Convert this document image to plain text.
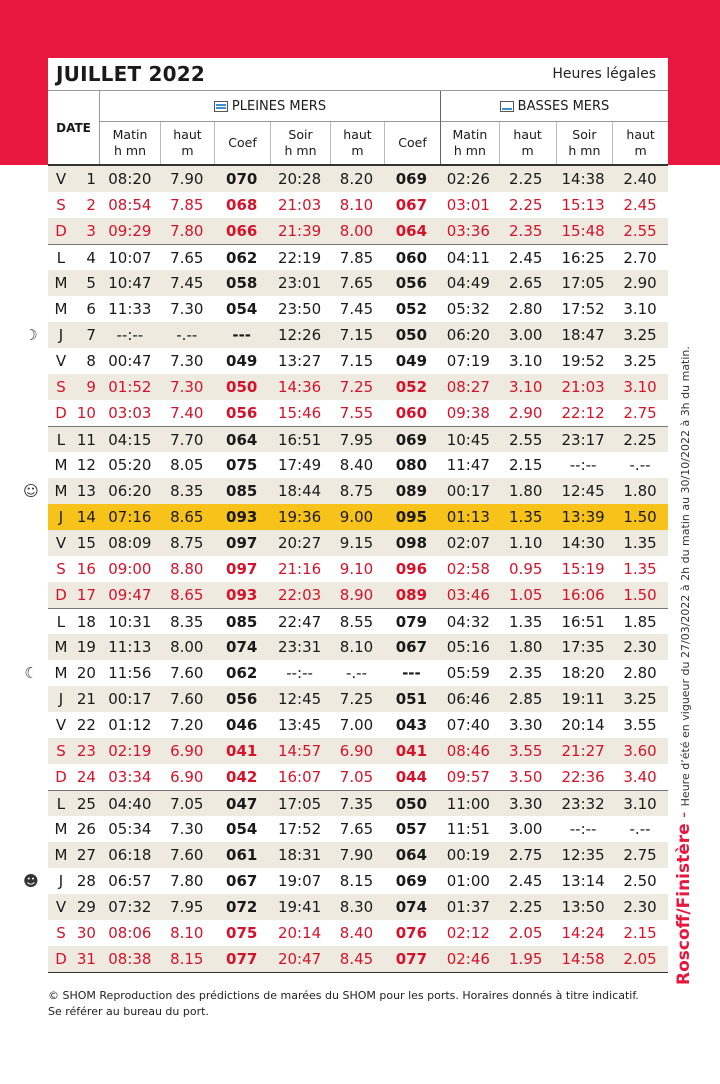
JUILLET 2022	Heures légales
DATE
PLEINES MERS
Matin
h mn
haut
m
Coef
Soir
h mn
haut
m
Coef
BASSES MERS
Matin
h mn
haut
m
Soir
h mn
haut
m
V	1 08:20	7.90	070	20:28	8.20	069	02:26	2.25	14:38	2.40
S	2 08:54	7.85	068	21:03	8.10	067	03:01	2.25	15:13	2.45
D	3 09:29	7.80	066	21:39	8.00	064	03:36	2.35	15:48	2.55
L	4 10:07	7.65	062	22:19	7.85	060	04:11	2.45	16:25	2.70
M	5 10:47	7.45	058	23:01	7.65	056	04:49	2.65	17:05	2.90
M	6 11:33	7.30	054	23:50	7.45	052	05:32	2.80	17:52	3.10
J	7	--:--	-.--	---	12:26	7.15	050	06:20	3.00	18:47	3.25
☽
V	8 00:47	7.30	049	13:27	7.15	049	07:19	3.10	19:52	3.25
S	9 01:52	7.30	050	14:36	7.25	052	08:27	3.10	21:03	3.10
D 10 03:03	7.40	056	15:46	7.55	060	09:38	2.90	22:12	2.75
L 11 04:15	7.70	064	16:51	7.95	069	10:45	2.55	23:17	2.25
M 12 05:20	8.05	075	17:49	8.40	080	11:47	2.15	--:--	-.--
M 13 06:20	8.35	085	18:44	8.75	089	00:17	1.80	12:45	1.80
☺
J 14 07:16	8.65	093	19:36	9.00	095	01:13	1.35	13:39	1.50
V 15 08:09	8.75	097	20:27	9.15	098	02:07	1.10	14:30	1.35
S 16 09:00	8.80	097	21:16	9.10	096	02:58	0.95	15:19	1.35
D 17 09:47	8.65	093	22:03	8.90	089	03:46	1.05	16:06	1.50
L 18 10:31	8.35	085	22:47	8.55	079	04:32	1.35	16:51	1.85
M 19 11:13	8.00	074	23:31	8.10	067	05:16	1.80	17:35	2.30
M 20 11:56	7.60	062	--:--	-.--	---	05:59	2.35	18:20	2.80
☾
J 21 00:17	7.60	056	12:45	7.25	051	06:46	2.85	19:11	3.25
V 22 01:12	7.20	046	13:45	7.00	043	07:40	3.30	20:14	3.55
S 23 02:19	6.90	041	14:57	6.90	041	08:46	3.55	21:27	3.60
D 24 03:34	6.90	042	16:07	7.05	044	09:57	3.50	22:36	3.40
L 25 04:40	7.05	047	17:05	7.35	050	11:00	3.30	23:32	3.10
M 26 05:34	7.30	054	17:52	7.65	057	11:51	3.00	--:--	-.--
M 27 06:18	7.60	061	18:31	7.90	064	00:19	2.75	12:35	2.75
J 28 06:57	7.80	067	19:07	8.15	069	01:00	2.45	13:14	2.50
☻
V 29 07:32	7.95	072	19:41	8.30	074	01:37	2.25	13:50	2.30
S 30 08:06	8.10	075	20:14	8.40	076	02:12	2.05	14:24	2.15
D 31 08:38	8.15	077	20:47	8.45	077	02:46	1.95	14:58	2.05
© SHOM Reproduction des prédictions de marées du SHOM pour les ports. Horaires donnés à titre indicatif.
Se référer au bureau du port.
Roscoff/Finistère - Heure d’été en vigueur du 27/03/2022 à 2h du matin au 30/10/2022 à 3h du matin.
